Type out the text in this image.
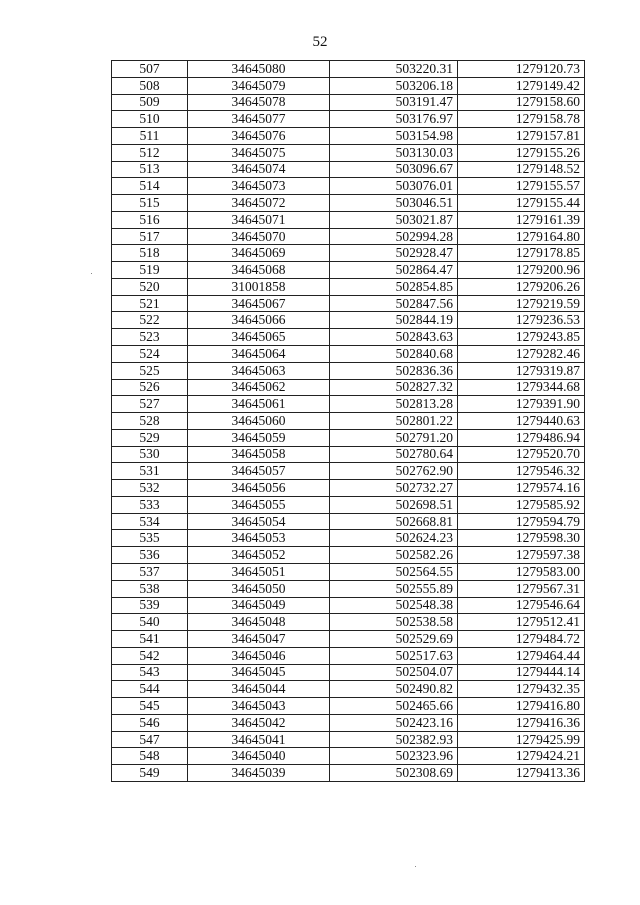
52
507	34645080	503220.31	1279120.73
508	34645079	503206.18	1279149.42
509	34645078	503191.47	1279158.60
510	34645077	503176.97	1279158.78
511	34645076	503154.98	1279157.81
512	34645075	503130.03	1279155.26
513	34645074	503096.67	1279148.52
514	34645073	503076.01	1279155.57
515	34645072	503046.51	1279155.44
516	34645071	503021.87	1279161.39
517	34645070	502994.28	1279164.80
518	34645069	502928.47	1279178.85
519	34645068	502864.47	1279200.96
520	31001858	502854.85	1279206.26
521	34645067	502847.56	1279219.59
522	34645066	502844.19	1279236.53
523	34645065	502843.63	1279243.85
524	34645064	502840.68	1279282.46
525	34645063	502836.36	1279319.87
526	34645062	502827.32	1279344.68
527	34645061	502813.28	1279391.90
528	34645060	502801.22	1279440.63
529	34645059	502791.20	1279486.94
530	34645058	502780.64	1279520.70
531	34645057	502762.90	1279546.32
532	34645056	502732.27	1279574.16
533	34645055	502698.51	1279585.92
534	34645054	502668.81	1279594.79
535	34645053	502624.23	1279598.30
536	34645052	502582.26	1279597.38
537	34645051	502564.55	1279583.00
538	34645050	502555.89	1279567.31
539	34645049	502548.38	1279546.64
540	34645048	502538.58	1279512.41
541	34645047	502529.69	1279484.72
542	34645046	502517.63	1279464.44
543	34645045	502504.07	1279444.14
544	34645044	502490.82	1279432.35
545	34645043	502465.66	1279416.80
546	34645042	502423.16	1279416.36
547	34645041	502382.93	1279425.99
548	34645040	502323.96	1279424.21
549	34645039	502308.69	1279413.36
